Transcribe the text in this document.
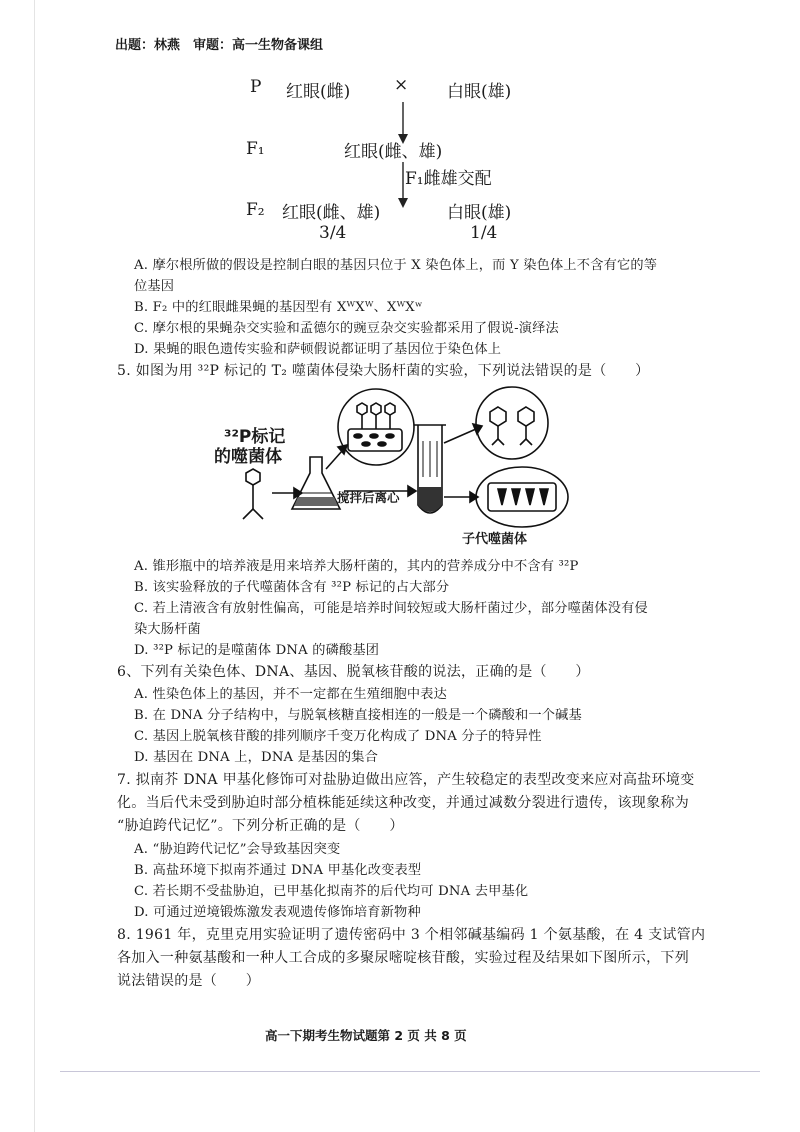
出题：林燕　审题：高一生物备课组
P 红眼(雌)	× 白眼(雄)
F₁	红眼(雌、雄)
F₁雌雄交配
F₂ 红眼(雌、雄)	白眼(雄)
3/4	1/4
A. 摩尔根所做的假设是控制白眼的基因只位于 X 染色体上，而 Y 染色体上不含有它的等
位基因
B. F₂ 中的红眼雌果蝇的基因型有 XᵂXᵂ、XᵂXʷ
C. 摩尔根的果蝇杂交实验和孟德尔的豌豆杂交实验都采用了假说-演绎法
D. 果蝇的眼色遗传实验和萨顿假说都证明了基因位于染色体上
5. 如图为用 ³²P 标记的 T₂ 噬菌体侵染大肠杆菌的实验，下列说法错误的是（　　）
³²P标记
的噬菌体
搅拌后离心
子代噬菌体
A. 锥形瓶中的培养液是用来培养大肠杆菌的，其内的营养成分中不含有 ³²P
B. 该实验释放的子代噬菌体含有 ³²P 标记的占大部分
C. 若上清液含有放射性偏高，可能是培养时间较短或大肠杆菌过少，部分噬菌体没有侵
染大肠杆菌
D. ³²P 标记的是噬菌体 DNA 的磷酸基团
6、下列有关染色体、DNA、基因、脱氧核苷酸的说法，正确的是（　　）
A. 性染色体上的基因，并不一定都在生殖细胞中表达
B. 在 DNA 分子结构中，与脱氧核糖直接相连的一般是一个磷酸和一个碱基
C. 基因上脱氧核苷酸的排列顺序千变万化构成了 DNA 分子的特异性
D. 基因在 DNA 上，DNA 是基因的集合
7. 拟南芥 DNA 甲基化修饰可对盐胁迫做出应答，产生较稳定的表型改变来应对高盐环境变
化。当后代未受到胁迫时部分植株能延续这种改变，并通过减数分裂进行遗传，该现象称为
“胁迫跨代记忆”。下列分析正确的是（　　）
A. “胁迫跨代记忆”会导致基因突变
B. 高盐环境下拟南芥通过 DNA 甲基化改变表型
C. 若长期不受盐胁迫，已甲基化拟南芥的后代均可 DNA 去甲基化
D. 可通过逆境锻炼激发表观遗传修饰培育新物种
8. 1961 年，克里克用实验证明了遗传密码中 3 个相邻碱基编码 1 个氨基酸，在 4 支试管内
各加入一种氨基酸和一种人工合成的多聚尿嘧啶核苷酸，实验过程及结果如下图所示，下列
说法错误的是（　　）
高一下期考生物试题第 2 页 共 8 页
